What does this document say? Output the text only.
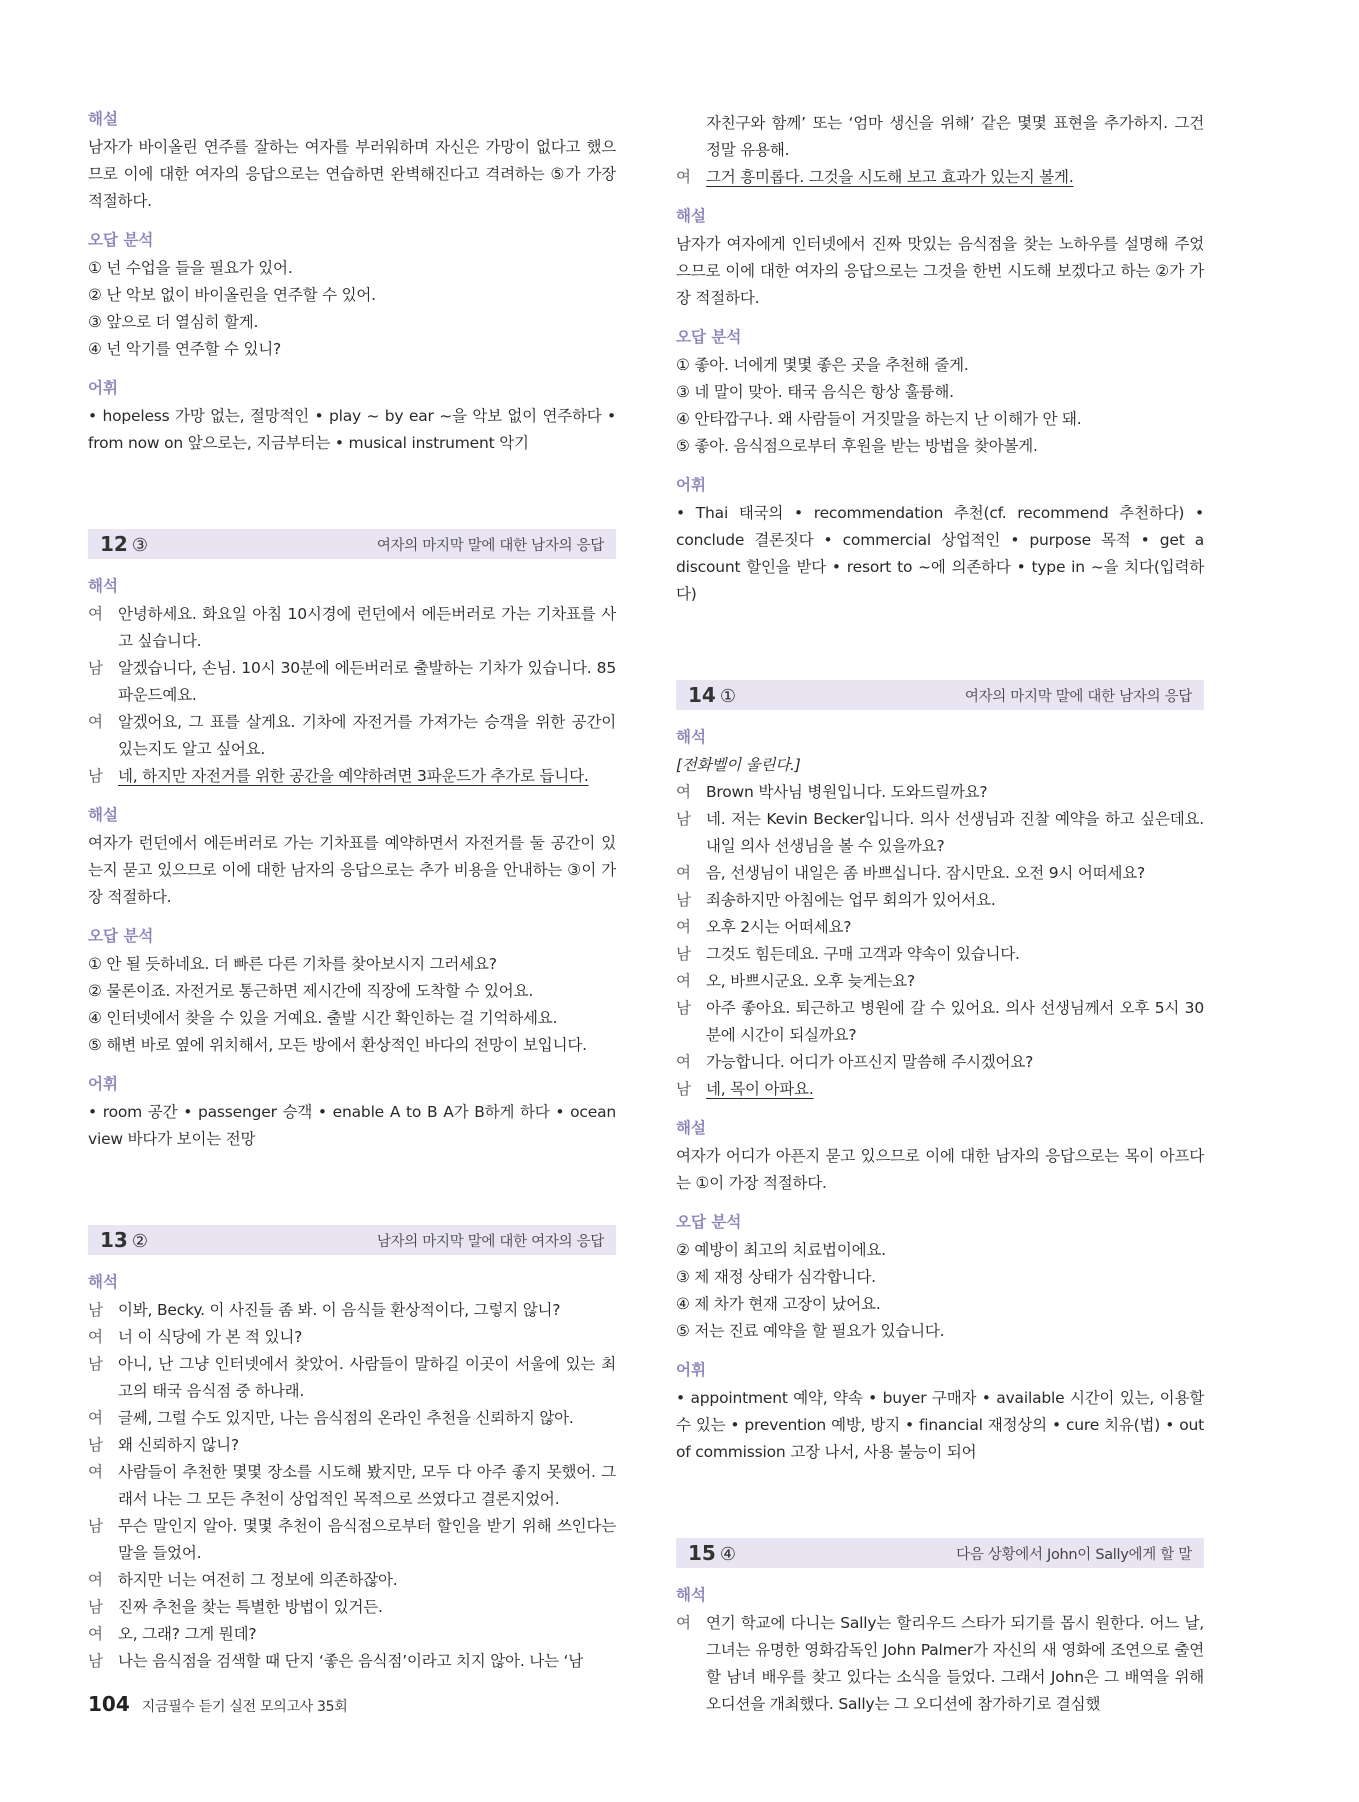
해설
남자가 바이올린 연주를 잘하는 여자를 부러워하며 자신은 가망이 없다고 했으므로 이에 대한 여자의 응답으로는 연습하면 완벽해진다고 격려하는 ⑤가 가장 적절하다.
오답 분석
① 넌 수업을 들을 필요가 있어.
② 난 악보 없이 바이올린을 연주할 수 있어.
③ 앞으로 더 열심히 할게.
④ 넌 악기를 연주할 수 있니?
어휘
• hopeless 가망 없는, 절망적인 • play ~ by ear ~을 악보 없이 연주하다 • from now on 앞으로는, 지금부터는 • musical instrument 악기
12 ③	여자의 마지막 말에 대한 남자의 응답
해석
여 안녕하세요. 화요일 아침 10시경에 런던에서 에든버러로 가는 기차표를 사고 싶습니다.
남 알겠습니다, 손님. 10시 30분에 에든버러로 출발하는 기차가 있습니다. 85파운드예요.
여 알겠어요, 그 표를 살게요. 기차에 자전거를 가져가는 승객을 위한 공간이 있는지도 알고 싶어요.
남 네, 하지만 자전거를 위한 공간을 예약하려면 3파운드가 추가로 듭니다.
해설
여자가 런던에서 에든버러로 가는 기차표를 예약하면서 자전거를 둘 공간이 있는지 묻고 있으므로 이에 대한 남자의 응답으로는 추가 비용을 안내하는 ③이 가장 적절하다.
오답 분석
① 안 될 듯하네요. 더 빠른 다른 기차를 찾아보시지 그러세요?
② 물론이죠. 자전거로 통근하면 제시간에 직장에 도착할 수 있어요.
④ 인터넷에서 찾을 수 있을 거예요. 출발 시간 확인하는 걸 기억하세요.
⑤ 해변 바로 옆에 위치해서, 모든 방에서 환상적인 바다의 전망이 보입니다.
어휘
• room 공간 • passenger 승객 • enable A to B A가 B하게 하다 • ocean view 바다가 보이는 전망
13 ②	남자의 마지막 말에 대한 여자의 응답
해석
남 이봐, Becky. 이 사진들 좀 봐. 이 음식들 환상적이다, 그렇지 않니?
여 너 이 식당에 가 본 적 있니?
남 아니, 난 그냥 인터넷에서 찾았어. 사람들이 말하길 이곳이 서울에 있는 최고의 태국 음식점 중 하나래.
여 글쎄, 그럴 수도 있지만, 나는 음식점의 온라인 추천을 신뢰하지 않아.
남 왜 신뢰하지 않니?
여 사람들이 추천한 몇몇 장소를 시도해 봤지만, 모두 다 아주 좋지 못했어. 그래서 나는 그 모든 추천이 상업적인 목적으로 쓰였다고 결론지었어.
남 무슨 말인지 알아. 몇몇 추천이 음식점으로부터 할인을 받기 위해 쓰인다는 말을 들었어.
여 하지만 너는 여전히 그 정보에 의존하잖아.
남 진짜 추천을 찾는 특별한 방법이 있거든.
여 오, 그래? 그게 뭔데?
남 나는 음식점을 검색할 때 단지 ‘좋은 음식점’이라고 치지 않아. 나는 ‘남
자친구와 함께’ 또는 ‘엄마 생신을 위해’ 같은 몇몇 표현을 추가하지. 그건 정말 유용해.
여 그거 흥미롭다. 그것을 시도해 보고 효과가 있는지 볼게.
해설
남자가 여자에게 인터넷에서 진짜 맛있는 음식점을 찾는 노하우를 설명해 주었으므로 이에 대한 여자의 응답으로는 그것을 한번 시도해 보겠다고 하는 ②가 가장 적절하다.
오답 분석
① 좋아. 너에게 몇몇 좋은 곳을 추천해 줄게.
③ 네 말이 맞아. 태국 음식은 항상 훌륭해.
④ 안타깝구나. 왜 사람들이 거짓말을 하는지 난 이해가 안 돼.
⑤ 좋아. 음식점으로부터 후원을 받는 방법을 찾아볼게.
어휘
• Thai 태국의 • recommendation 추천(cf. recommend 추천하다) • conclude 결론짓다 • commercial 상업적인 • purpose 목적 • get a discount 할인을 받다 • resort to ~에 의존하다 • type in ~을 치다(입력하다)
14 ①	여자의 마지막 말에 대한 남자의 응답
해석
[전화벨이 울린다.]
여 Brown 박사님 병원입니다. 도와드릴까요?
남 네. 저는 Kevin Becker입니다. 의사 선생님과 진찰 예약을 하고 싶은데요. 내일 의사 선생님을 볼 수 있을까요?
여 음, 선생님이 내일은 좀 바쁘십니다. 잠시만요. 오전 9시 어떠세요?
남 죄송하지만 아침에는 업무 회의가 있어서요.
여 오후 2시는 어떠세요?
남 그것도 힘든데요. 구매 고객과 약속이 있습니다.
여 오, 바쁘시군요. 오후 늦게는요?
남 아주 좋아요. 퇴근하고 병원에 갈 수 있어요. 의사 선생님께서 오후 5시 30분에 시간이 되실까요?
여 가능합니다. 어디가 아프신지 말씀해 주시겠어요?
남 네, 목이 아파요.
해설
여자가 어디가 아픈지 묻고 있으므로 이에 대한 남자의 응답으로는 목이 아프다는 ①이 가장 적절하다.
오답 분석
② 예방이 최고의 치료법이에요.
③ 제 재정 상태가 심각합니다.
④ 제 차가 현재 고장이 났어요.
⑤ 저는 진료 예약을 할 필요가 있습니다.
어휘
• appointment 예약, 약속 • buyer 구매자 • available 시간이 있는, 이용할 수 있는 • prevention 예방, 방지 • financial 재정상의 • cure 치유(법) • out of commission 고장 나서, 사용 불능이 되어
15 ④	다음 상황에서 John이 Sally에게 할 말
해석
여 연기 학교에 다니는 Sally는 할리우드 스타가 되기를 몹시 원한다. 어느 날, 그녀는 유명한 영화감독인 John Palmer가 자신의 새 영화에 조연으로 출연할 남녀 배우를 찾고 있다는 소식을 들었다. 그래서 John은 그 배역을 위해 오디션을 개최했다. Sally는 그 오디션에 참가하기로 결심했
104 지금필수 듣기 실전 모의고사 35회
